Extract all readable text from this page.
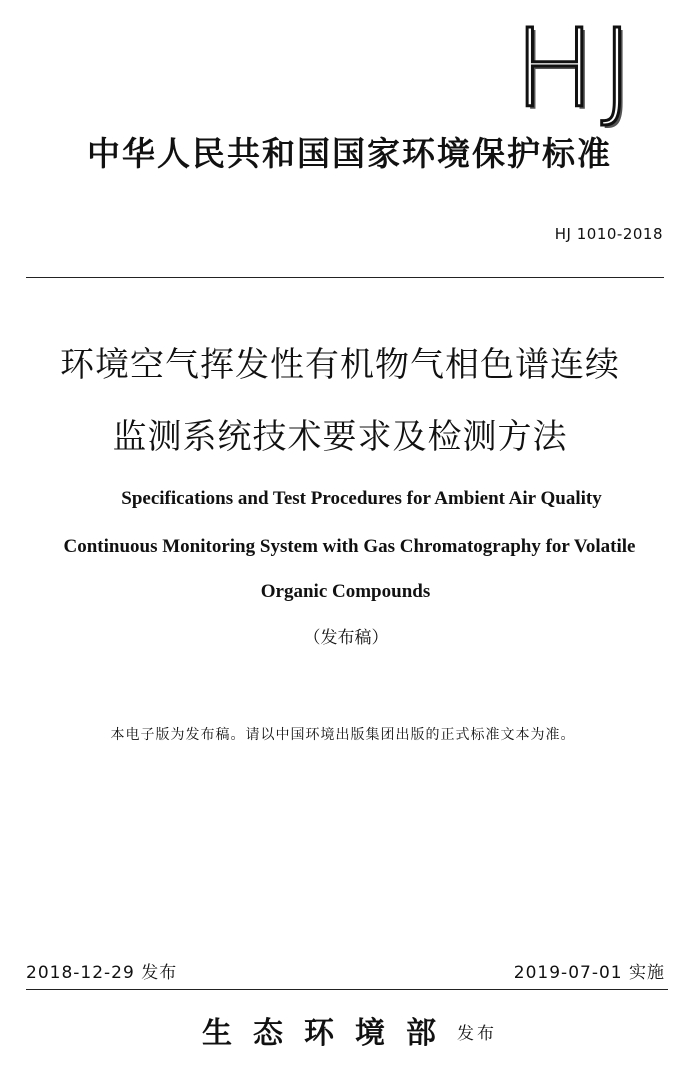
HJ
中华人民共和国国家环境保护标准
HJ 1010-2018
环境空气挥发性有机物气相色谱连续
监测系统技术要求及检测方法
Specifications and Test Procedures for Ambient Air Quality
Continuous Monitoring System with Gas Chromatography for Volatile
Organic Compounds
（发布稿）
本电子版为发布稿。请以中国环境出版集团出版的正式标准文本为准。
2018-12-29 发布	2019-07-01 实施
生态环境部发布
